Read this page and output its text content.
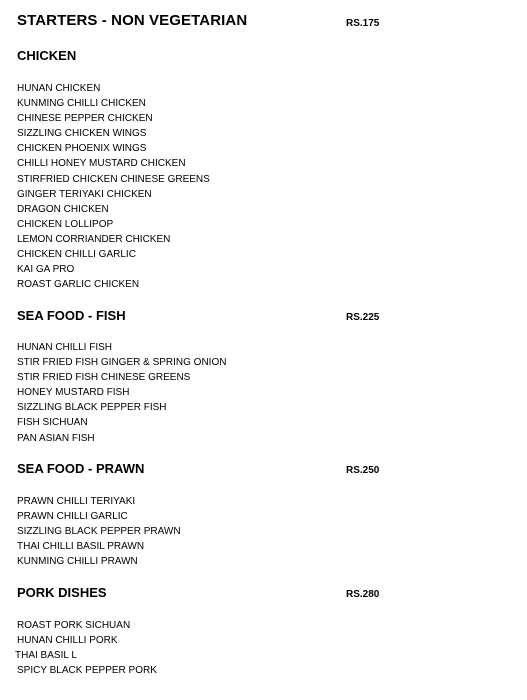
STARTERS - NON VEGETARIAN	RS.175
CHICKEN
HUNAN CHICKEN
KUNMING CHILLI CHICKEN
CHINESE PEPPER CHICKEN
SIZZLING CHICKEN WINGS
CHICKEN PHOENIX WINGS
CHILLI HONEY MUSTARD CHICKEN
STIRFRIED CHICKEN CHINESE GREENS
GINGER TERIYAKI CHICKEN
DRAGON CHICKEN
CHICKEN LOLLIPOP
LEMON CORRIANDER CHICKEN
CHICKEN CHILLI GARLIC
KAI GA PRO
ROAST GARLIC CHICKEN
SEA FOOD - FISH	RS.225
HUNAN CHILLI FISH
STIR FRIED FISH GINGER & SPRING ONION
STIR FRIED FISH CHINESE GREENS
HONEY MUSTARD FISH
SIZZLING BLACK PEPPER FISH
FISH SICHUAN
PAN ASIAN FISH
SEA FOOD - PRAWN	RS.250
PRAWN CHILLI TERIYAKI
PRAWN CHILLI GARLIC
SIZZLING BLACK PEPPER PRAWN
THAI CHILLI BASIL PRAWN
KUNMING CHILLI PRAWN
PORK DISHES	RS.280
ROAST PORK SICHUAN
HUNAN CHILLI PORK
THAI BASIL L
SPICY BLACK PEPPER PORK
